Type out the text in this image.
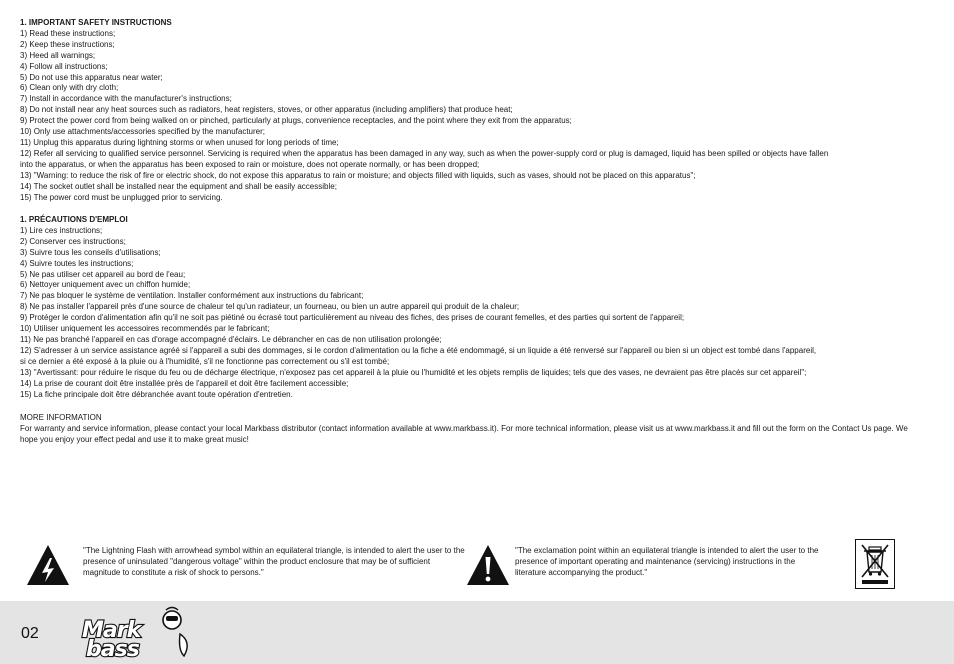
1. IMPORTANT SAFETY INSTRUCTIONS
1) Read these instructions;
2) Keep these instructions;
3) Heed all warnings;
4) Follow all instructions;
5) Do not use this apparatus near water;
6) Clean only with dry cloth;
7) Install in accordance with the manufacturer's instructions;
8) Do not install near any heat sources such as radiators, heat registers, stoves, or other apparatus (including amplifiers) that produce heat;
9) Protect the power cord from being walked on or pinched, particularly at plugs, convenience receptacles, and the point where they exit from the apparatus;
10) Only use attachments/accessories specified by the manufacturer;
11) Unplug this apparatus during lightning storms or when unused for long periods of time;
12) Refer all servicing to qualified service personnel. Servicing is required when the apparatus has been damaged in any way, such as when the power-supply cord or plug is damaged, liquid has been spilled or objects have fallen
into the apparatus, or when the apparatus has been exposed to rain or moisture, does not operate normally, or has been dropped;
13) "Warning: to reduce the risk of fire or electric shock, do not expose this apparatus to rain or moisture; and objects filled with liquids, such as vases, should not be placed on this apparatus";
14) The socket outlet shall be installed near the equipment and shall be easily accessible;
15) The power cord must be unplugged prior to servicing.
1. PRÉCAUTIONS D'EMPLOI
1) Lire ces instructions;
2) Conserver ces instructions;
3) Suivre tous les conseils d'utilisations;
4) Suivre toutes les instructions;
5) Ne pas utiliser cet appareil au bord de l'eau;
6) Nettoyer uniquement avec un chiffon humide;
7) Ne pas bloquer le système de ventilation. Installer conformément aux instructions du fabricant;
8) Ne pas installer l'appareil près d'une source de chaleur tel qu'un radiateur, un fourneau, ou bien un autre appareil qui produit de la chaleur;
9) Protéger le cordon d'alimentation afin qu'il ne soit pas piétiné ou écrasé tout particulièrement au niveau des fiches, des prises de courant femelles, et des parties qui sortent de l'appareil;
10) Utiliser uniquement les accessoires recommendés par le fabricant;
11) Ne pas branché l'appareil en cas d'orage accompagné d'éclairs. Le débrancher en cas de non utilisation prolongée;
12) S'adresser à un service assistance agréé si l'appareil a subi des dommages, si le cordon d'alimentation ou la fiche a été endommagé, si un liquide a été renversé sur l'appareil ou bien si un object est tombé dans l'appareil,
si ce dernier a été exposé à la pluie ou à l'humidité, s'il ne fonctionne pas correctement ou s'il est tombé;
13) "Avertissant: pour réduire le risque du feu ou de décharge électrique, n'exposez pas cet appareil à la pluie ou l'humidité et les objets remplis de liquides; tels que des vases, ne devraient pas être placés sur cet appareil";
14) La prise de courant doit être installée près de l'appareil et doit être facilement accessible;
15) La fiche principale doit être débranchée avant toute opération d'entretien.
MORE INFORMATION
For warranty and service information, please contact your local Markbass distributor (contact information available at www.markbass.it). For more technical information, please visit us at www.markbass.it and fill out the form on the Contact Us page. We hope you enjoy your effect pedal and use it to make great music!
"The Lightning Flash with arrowhead symbol within an equilateral triangle, is intended to alert the user to the presence of uninsulated "dangerous voltage" within the product enclosure that may be of sufficient magnitude to constitute a risk of shock to persons."
"The exclamation point within an equilateral triangle is intended to alert the user to the presence of important operating and maintenance (servicing) instructions in the literature accompanying the product."
02 Mark
bass
